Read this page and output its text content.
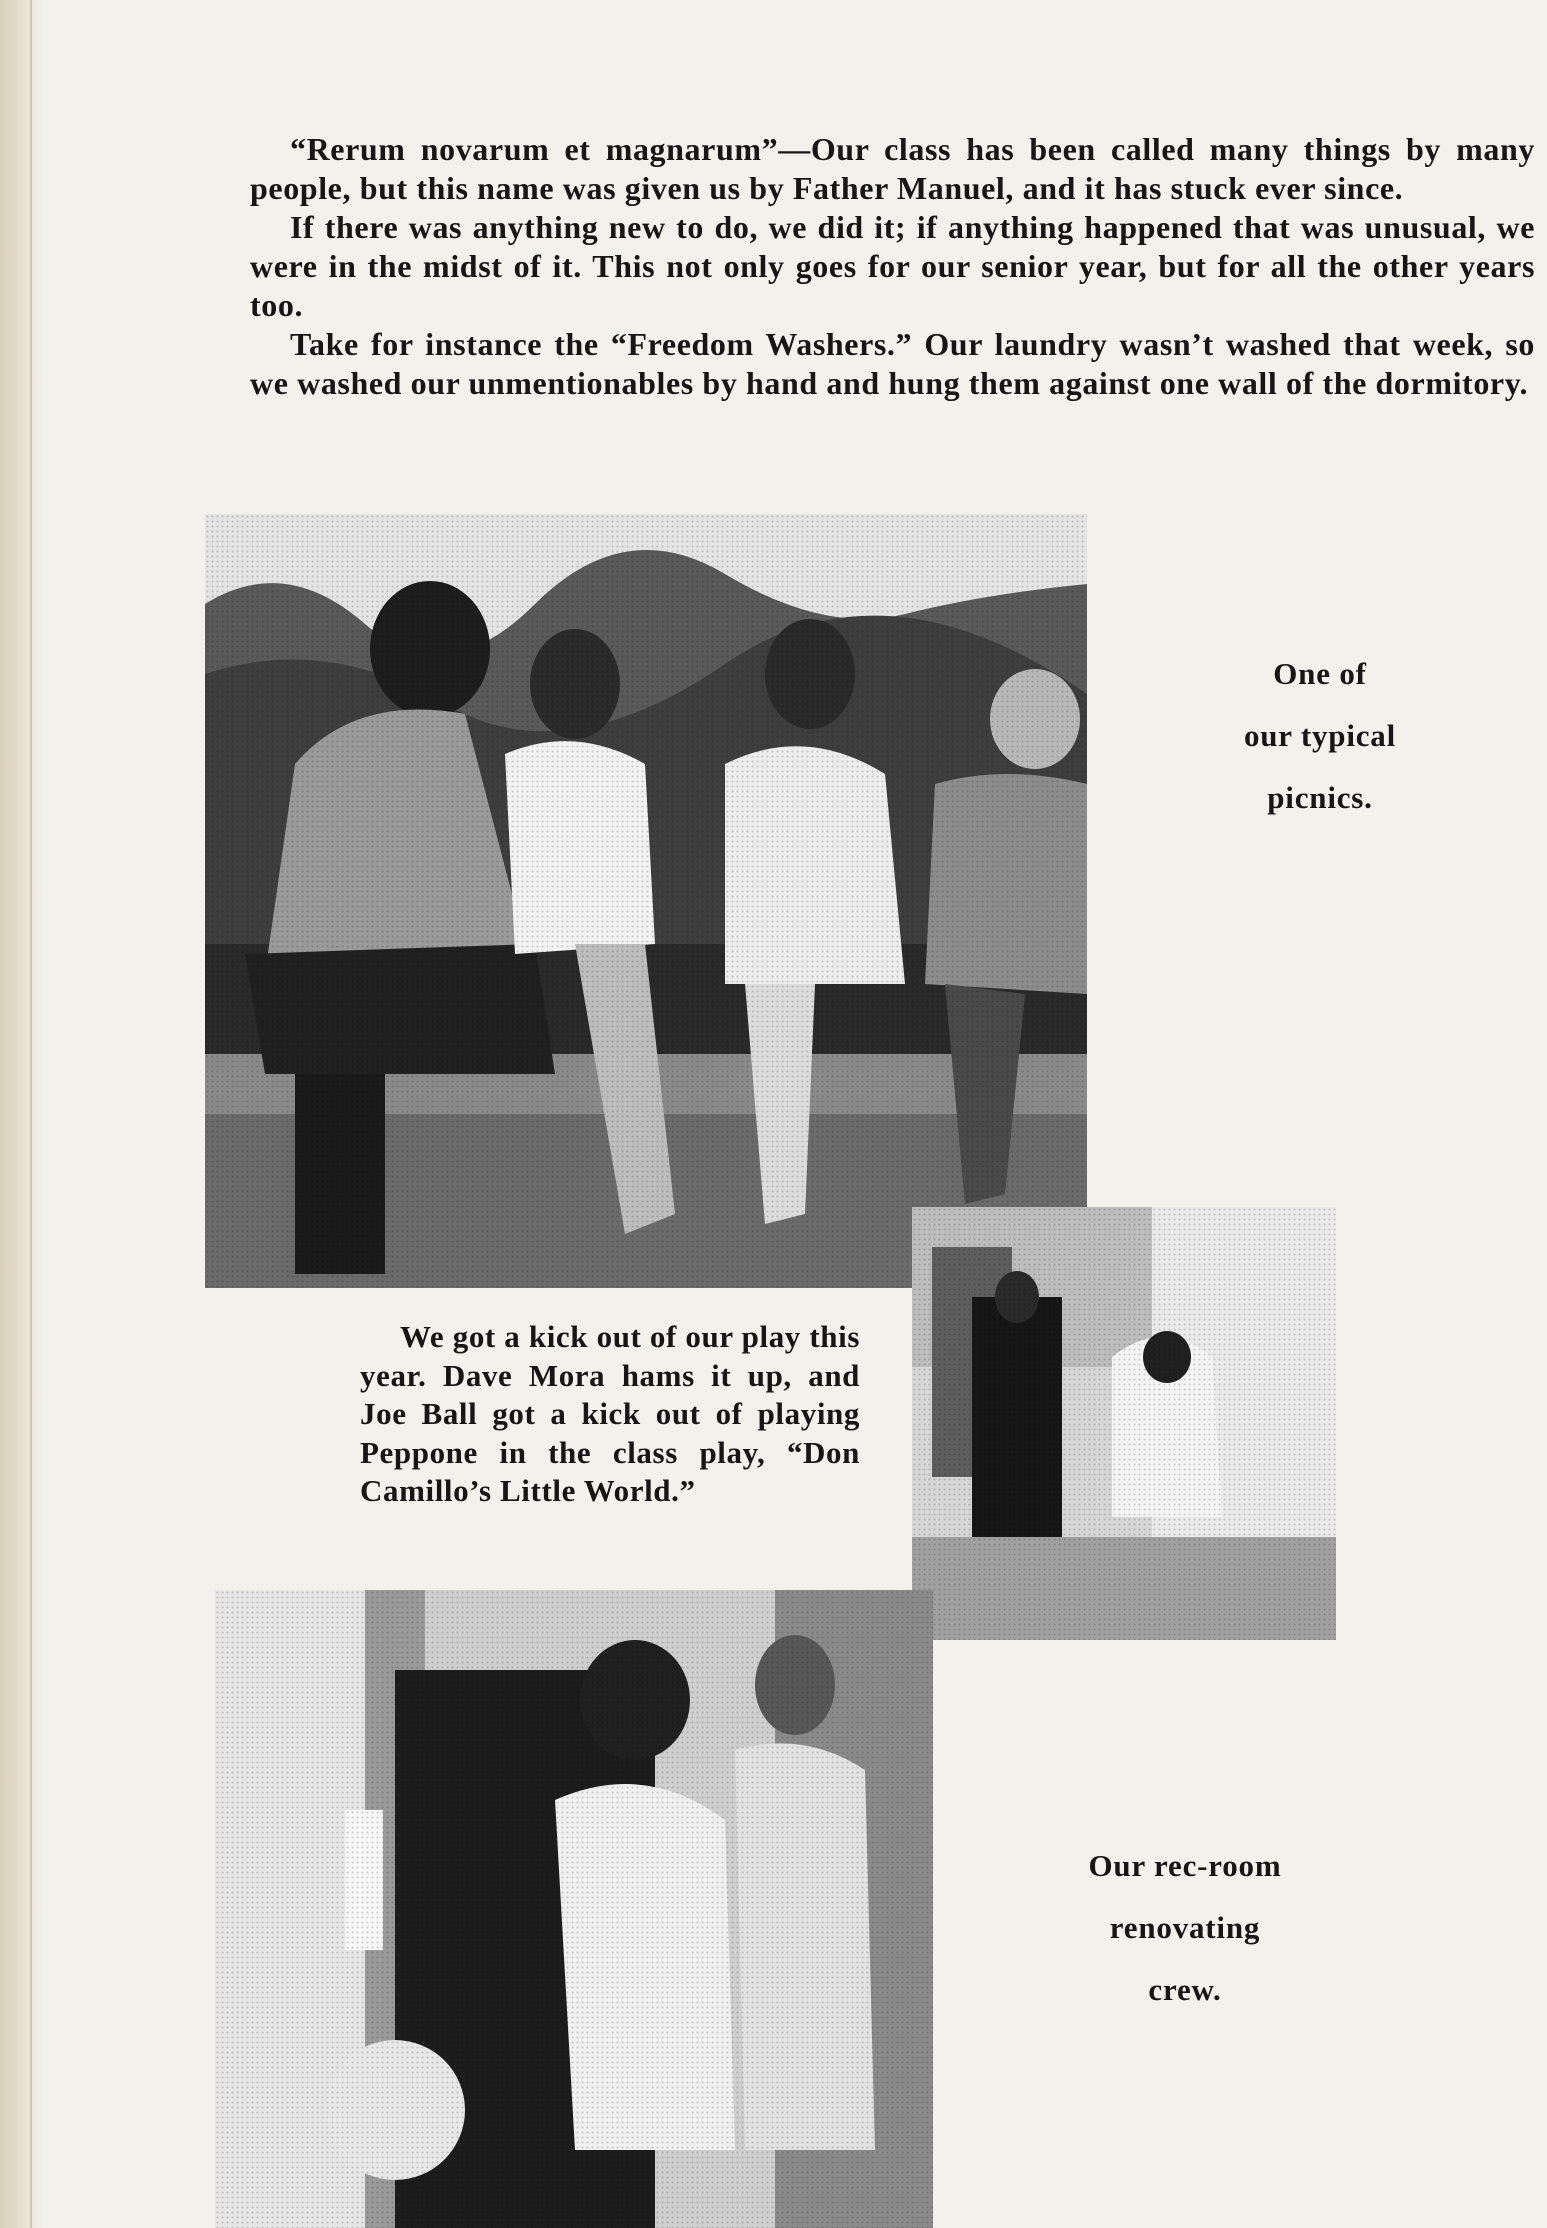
“Rerum novarum et magnarum”—Our class has been called many things by many people, but this name was given us by Father Manuel, and it has stuck ever since.

If there was anything new to do, we did it; if anything happened that was unusual, we were in the midst of it. This not only goes for our senior year, but for all the other years too.

Take for instance the “Freedom Washers.” Our laundry wasn’t washed that week, so we washed our unmentionables by hand and hung them against one wall of the dormitory.

One of
our typical
picnics.
We got a kick out of our play this year. Dave Mora hams it up, and Joe Ball got a kick out of playing Peppone in the class play, “Don Camillo’s Little World.”
Our rec-room
renovating
crew.
